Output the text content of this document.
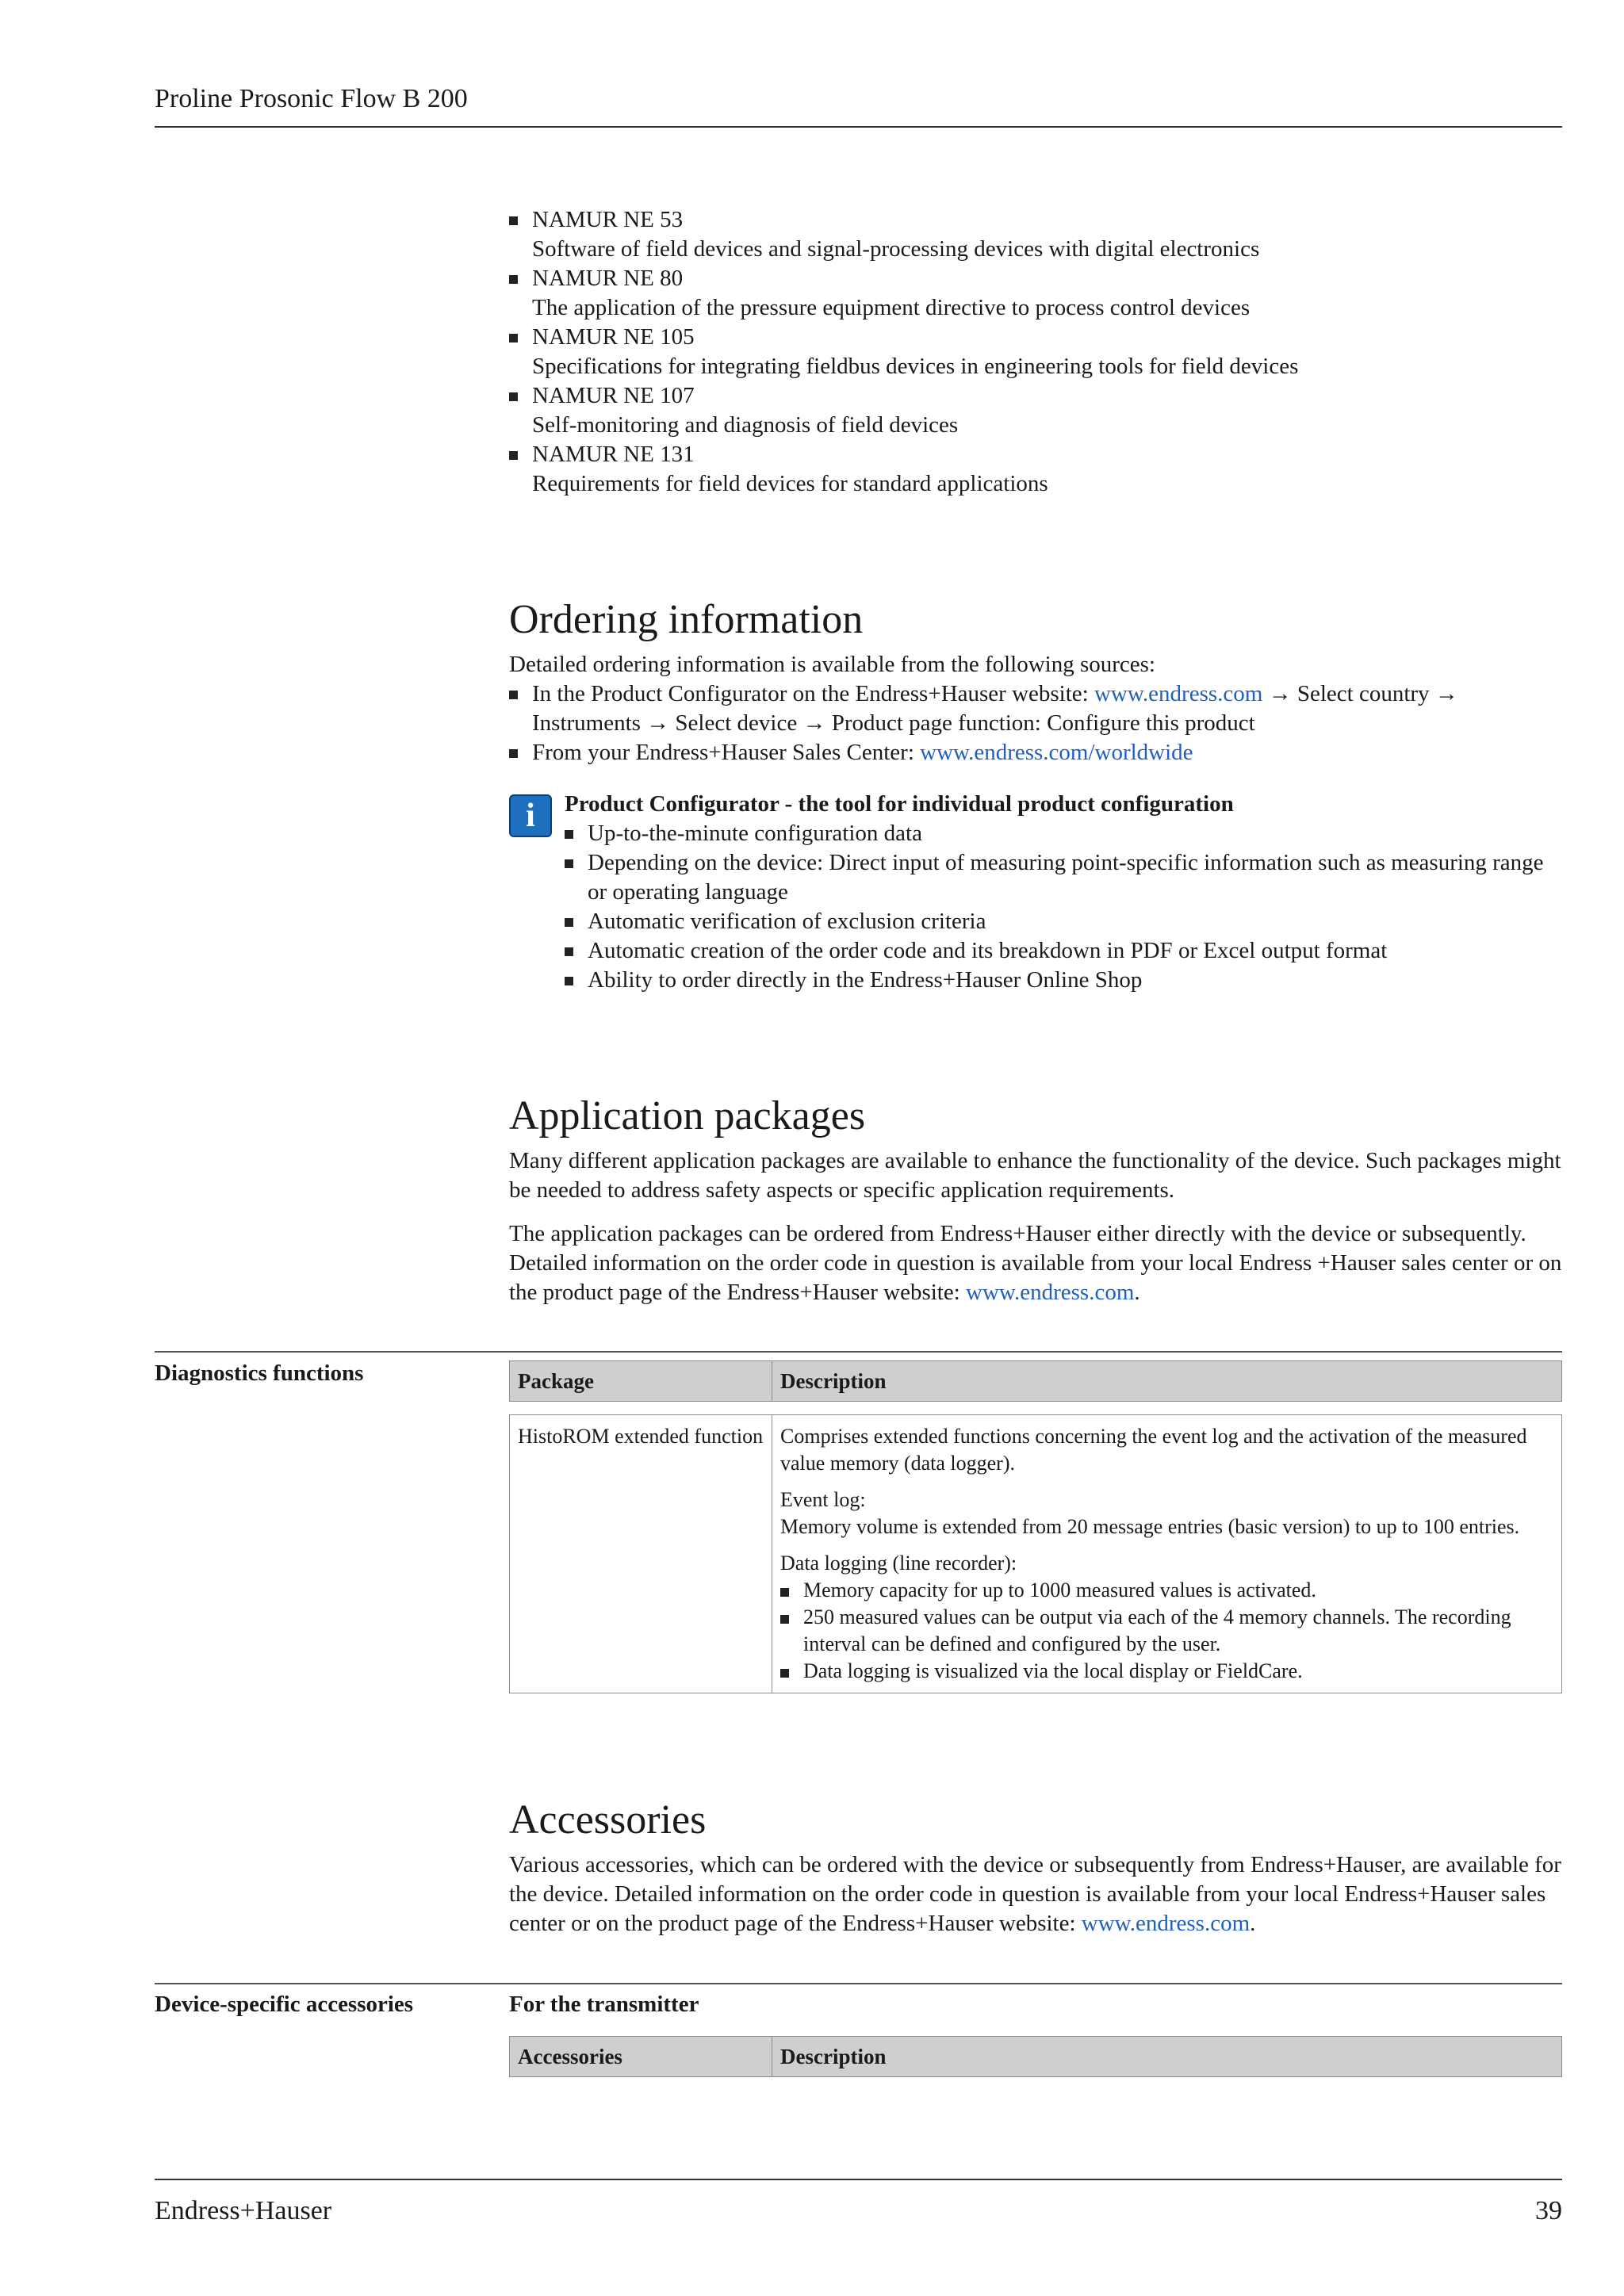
Proline Prosonic Flow B 200
NAMUR NE 53
Software of field devices and signal-processing devices with digital electronics
NAMUR NE 80
The application of the pressure equipment directive to process control devices
NAMUR NE 105
Specifications for integrating fieldbus devices in engineering tools for field devices
NAMUR NE 107
Self-monitoring and diagnosis of field devices
NAMUR NE 131
Requirements for field devices for standard applications
Ordering information

Detailed ordering information is available from the following sources:

In the Product Configurator on the Endress+Hauser website: www.endress.com → Select country → Instruments → Select device → Product page function: Configure this product
From your Endress+Hauser Sales Center: www.endress.com/worldwide
i	Product Configurator - the tool for individual product configuration
Up-to-the-minute configuration data
Depending on the device: Direct input of measuring point-specific information such as measuring range or operating language
Automatic verification of exclusion criteria
Automatic creation of the order code and its breakdown in PDF or Excel output format
Ability to order directly in the Endress+Hauser Online Shop
Application packages

Many different application packages are available to enhance the functionality of the device. Such packages might be needed to address safety aspects or specific application requirements.

The application packages can be ordered from Endress+Hauser either directly with the device or subsequently. Detailed information on the order code in question is available from your local Endress +Hauser sales center or on the product page of the Endress+Hauser website: www.endress.com.

Diagnostics functions	Package	Description
HistoROM extended function	Comprises extended functions concerning the event log and the activation of the measured value memory (data logger).
Event log:
Memory volume is extended from 20 message entries (basic version) to up to 100 entries.
Data logging (line recorder):
Memory capacity for up to 1000 measured values is activated.
250 measured values can be output via each of the 4 memory channels. The recording interval can be defined and configured by the user.
Data logging is visualized via the local display or FieldCare.
Accessories

Various accessories, which can be ordered with the device or subsequently from Endress+Hauser, are available for the device. Detailed information on the order code in question is available from your local Endress+Hauser sales center or on the product page of the Endress+Hauser website: www.endress.com.

Device-specific accessories	For the transmitter
Accessories	Description
Endress+Hauser	39
